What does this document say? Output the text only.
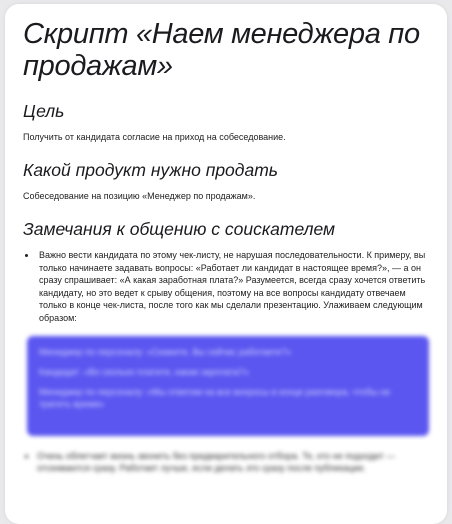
Скрипт «Наем менеджера по продажам»
Цель

Получить от кандидата согласие на приход на собеседование.

Какой продукт нужно продать

Собеседование на позицию «Менеджер по продажам».

Замечания к общению с соискателем
• Важно вести кандидата по этому чек-листу, не нарушая последовательности. К примеру, вы только начинаете задавать вопросы: «Работает ли кандидат в настоящее время?», — а он сразу спрашивает: «А какая заработная плата?» Разумеется, всегда сразу хочется ответить кандидату, но это ведет к срыву общения, поэтому на все вопросы кандидату отвечаем только в конце чек-листа, после того как мы сделали презентацию. Улаживаем следующим образом:
Менеджер по персоналу: «Скажите, Вы сейчас работаете?»
Кандидат: «Во сколько платите, какая зарплата?»
Менеджер по персоналу: «Мы ответим на все вопросы в конце разговора, чтобы не тратить время»
• Очень облегчает жизнь звонить без предварительного отбора. Те, кто не подходит — отсеиваются сразу. Работает лучше, если делать это сразу после публикации.
